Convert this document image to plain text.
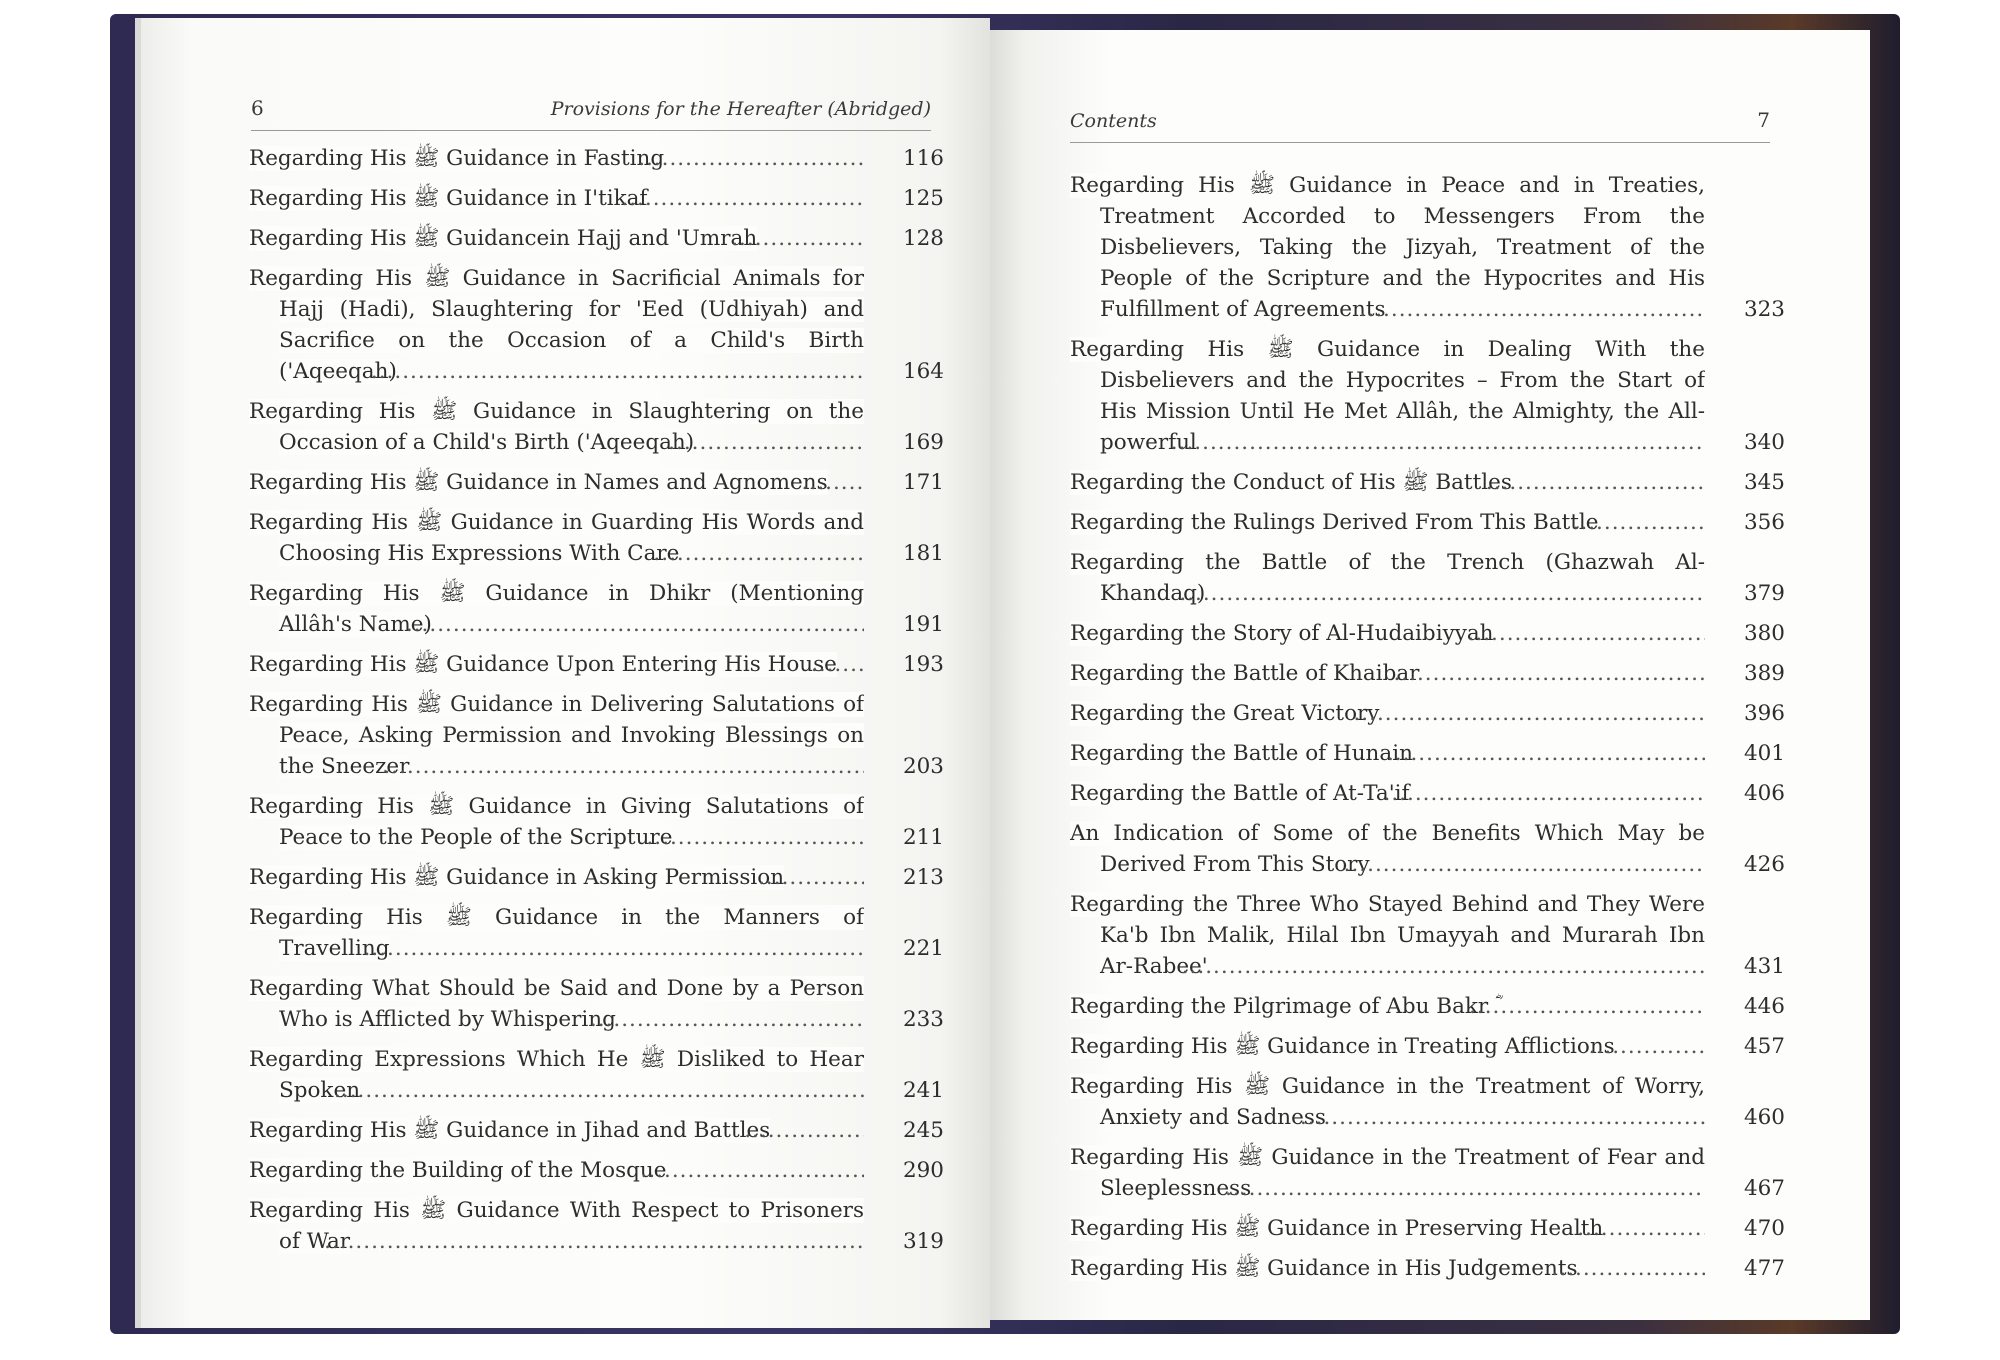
6	Provisions for the Hereafter (Abridged)
Regarding His ﷺ Guidance in Fasting .....	116
Regarding His ﷺ Guidance in I'tikaf .....	125
Regarding His ﷺ Guidancein Hajj and 'Umrah .....	128
Regarding His ﷺ Guidance in Sacrificial Animals for Hajj (Hadi), Slaughtering for 'Eed (Udhiyah) and Sacrifice on the Occasion of a Child's Birth ('Aqeeqah) .....	164
Regarding His ﷺ Guidance in Slaughtering on the Occasion of a Child's Birth ('Aqeeqah) .....	169
Regarding His ﷺ Guidance in Names and Agnomens .....	171
Regarding His ﷺ Guidance in Guarding His Words and Choosing His Expressions With Care .....	181
Regarding His ﷺ Guidance in Dhikr (Mentioning Allâh's Name) .....	191
Regarding His ﷺ Guidance Upon Entering His House .....	193
Regarding His ﷺ Guidance in Delivering Salutations of Peace, Asking Permission and Invoking Blessings on the Sneezer .....	203
Regarding His ﷺ Guidance in Giving Salutations of Peace to the People of the Scripture .....	211
Regarding His ﷺ Guidance in Asking Permission .....	213
Regarding His ﷺ Guidance in the Manners of Travelling .....	221
Regarding What Should be Said and Done by a Person Who is Afflicted by Whispering .....	233
Regarding Expressions Which He ﷺ Disliked to Hear Spoken .....	241
Regarding His ﷺ Guidance in Jihad and Battles .....	245
Regarding the Building of the Mosque .....	290
Regarding His ﷺ Guidance With Respect to Prisoners of War .....	319
Contents	7
Regarding His ﷺ Guidance in Peace and in Treaties, Treatment Accorded to Messengers From the Disbelievers, Taking the Jizyah, Treatment of the People of the Scripture and the Hypocrites and His Fulfillment of Agreements .....	323
Regarding His ﷺ Guidance in Dealing With the Disbelievers and the Hypocrites – From the Start of His Mission Until He Met Allâh, the Almighty, the All-powerful .....	340
Regarding the Conduct of His ﷺ Battles .....	345
Regarding the Rulings Derived From This Battle .....	356
Regarding the Battle of the Trench (Ghazwah Al-Khandaq) .....	379
Regarding the Story of Al-Hudaibiyyah .....	380
Regarding the Battle of Khaibar .....	389
Regarding the Great Victory .....	396
Regarding the Battle of Hunain .....	401
Regarding the Battle of At-Ta'if .....	406
An Indication of Some of the Benefits Which May be Derived From This Story .....	426
Regarding the Three Who Stayed Behind and They Were Ka'b Ibn Malik, Hilal Ibn Umayyah and Murarah Ibn Ar-Rabee' .....	431
Regarding the Pilgrimage of Abu Bakr ؓ .....	446
Regarding His ﷺ Guidance in Treating Afflictions .....	457
Regarding His ﷺ Guidance in the Treatment of Worry, Anxiety and Sadness .....	460
Regarding His ﷺ Guidance in the Treatment of Fear and Sleeplessness .....	467
Regarding His ﷺ Guidance in Preserving Health .....	470
Regarding His ﷺ Guidance in His Judgements .....	477
